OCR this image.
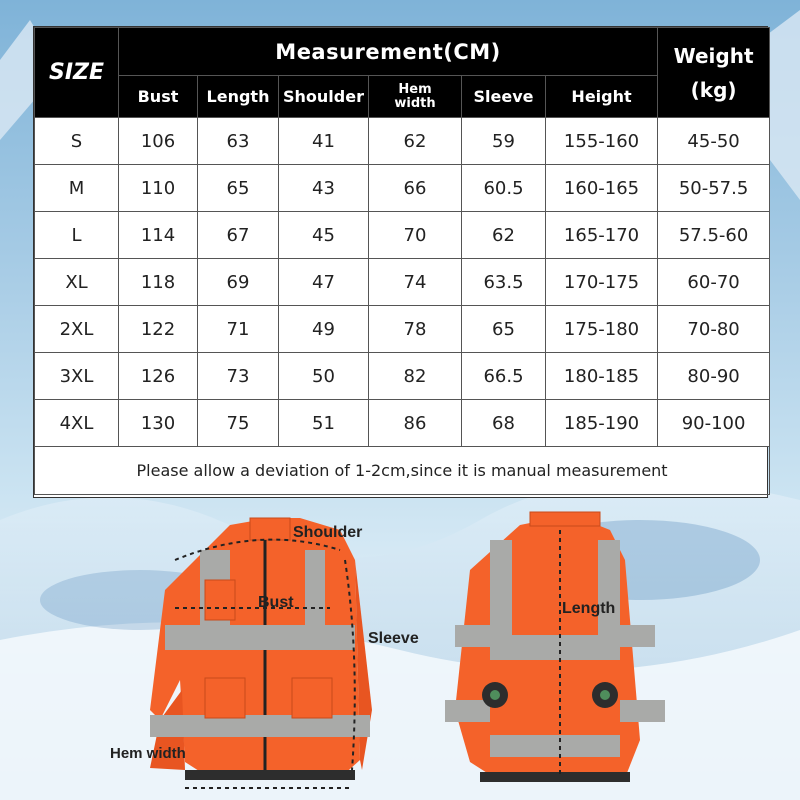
SIZE	Measurement(CM)						Weight
(kg)

	Bust	Length	Shoulder	Hem width	Sleeve	Height	
S	106	63	41	62	59	155-160	45-50
M	110	65	43	66	60.5	160-165	50-57.5
L	114	67	45	70	62	165-170	57.5-60
XL	118	69	47	74	63.5	170-175	60-70
2XL	122	71	49	78	65	175-180	70-80
3XL	126	73	50	82	66.5	180-185	80-90
4XL	130	75	51	86	68	185-190	90-100
Please allow a deviation of 1-2cm,since it is manual measurement							
Shoulder
Bust
Sleeve
Hem width
Length
